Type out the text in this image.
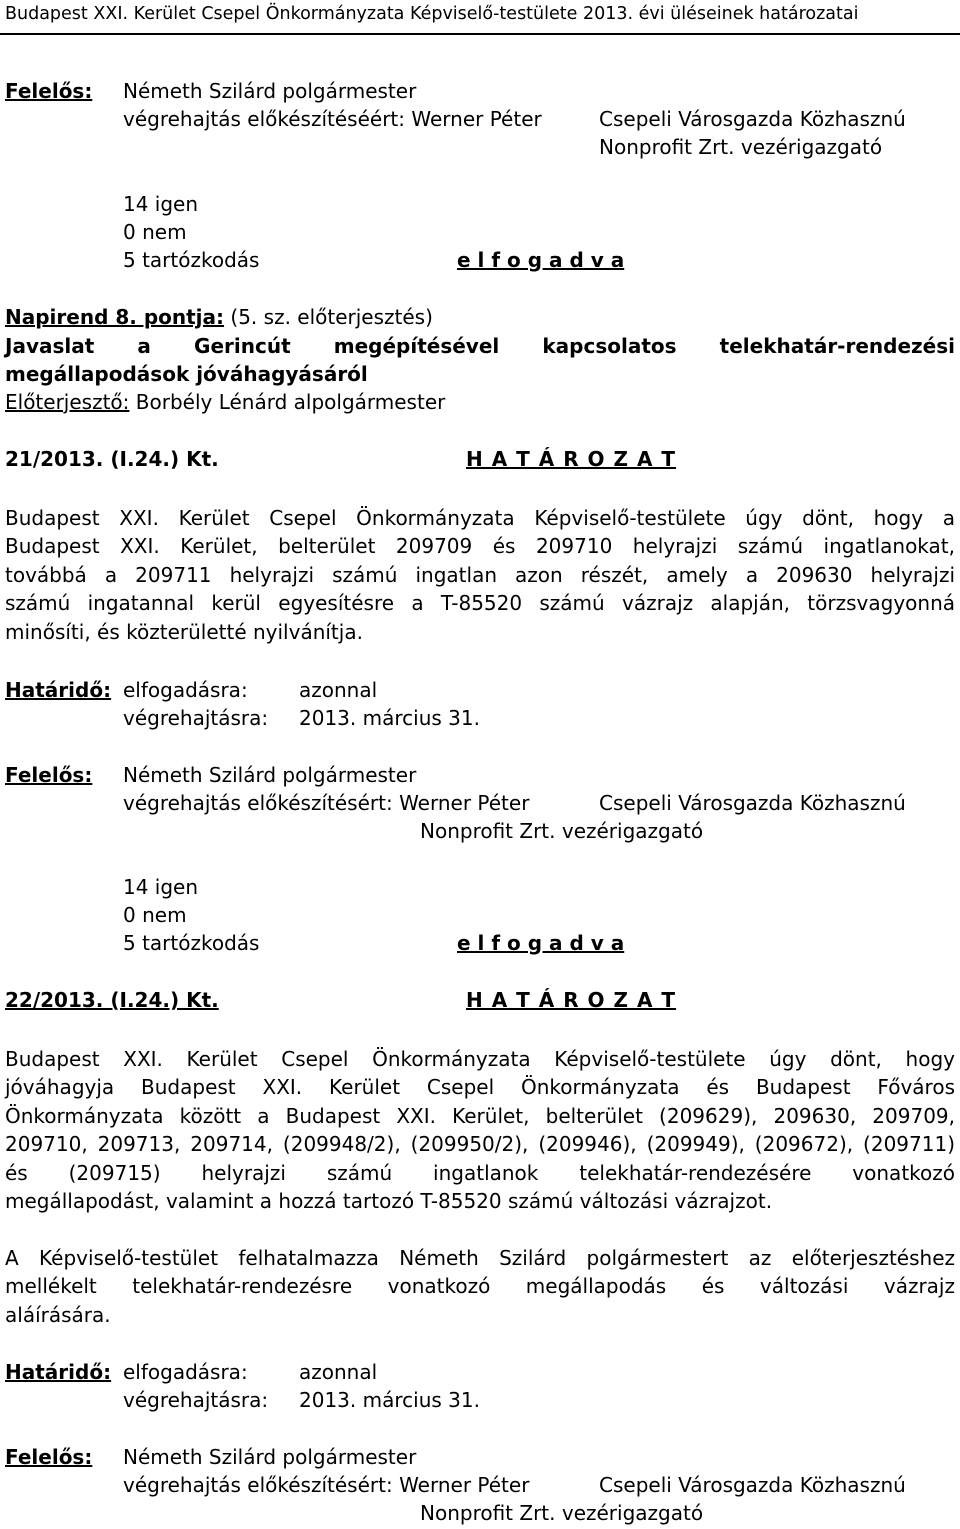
Budapest XXI. Kerület Csepel Önkormányzata Képviselő-testülete 2013. évi üléseinek határozatai
Felelős: Németh Szilárd polgármester
végrehajtás előkészítéséért: Werner Péter	Csepeli Városgazda Közhasznú
Nonprofit Zrt. vezérigazgató
14 igen
0 nem
5 tartózkodás	e l f o g a d v a
Napirend 8. pontja: (5. sz. előterjesztés)
Javaslat a Gerincút megépítésével kapcsolatos telekhatár-rendezési
megállapodások jóváhagyásáról
Előterjesztő: Borbély Lénárd alpolgármester
21/2013. (I.24.) Kt.	H A T Á R O Z A T
Budapest XXI. Kerület Csepel Önkormányzata Képviselő-testülete úgy dönt, hogy a
Budapest XXI. Kerület, belterület 209709 és 209710 helyrajzi számú ingatlanokat,
továbbá a 209711 helyrajzi számú ingatlan azon részét, amely a 209630 helyrajzi
számú ingatannal kerül egyesítésre a T-85520 számú vázrajz alapján, törzsvagyonná
minősíti, és közterületté nyilvánítja.
Határidő: elfogadásra:	azonnal
végrehajtásra: 2013. március 31.
Felelős: Németh Szilárd polgármester
végrehajtás előkészítésért: Werner Péter	Csepeli Városgazda Közhasznú
Nonprofit Zrt. vezérigazgató
14 igen
0 nem
5 tartózkodás	e l f o g a d v a
22/2013. (I.24.) Kt.	H A T Á R O Z A T
Budapest XXI. Kerület Csepel Önkormányzata Képviselő-testülete úgy dönt, hogy
jóváhagyja Budapest XXI. Kerület Csepel Önkormányzata és Budapest Főváros
Önkormányzata között a Budapest XXI. Kerület, belterület (209629), 209630, 209709,
209710, 209713, 209714, (209948/2), (209950/2), (209946), (209949), (209672), (209711)
és (209715) helyrajzi számú ingatlanok telekhatár-rendezésére vonatkozó
megállapodást, valamint a hozzá tartozó T-85520 számú változási vázrajzot.
A Képviselő-testület felhatalmazza Németh Szilárd polgármestert az előterjesztéshez
mellékelt telekhatár-rendezésre vonatkozó megállapodás és változási vázrajz
aláírására.
Határidő: elfogadásra:	azonnal
végrehajtásra: 2013. március 31.
Felelős: Németh Szilárd polgármester
végrehajtás előkészítésért: Werner Péter	Csepeli Városgazda Közhasznú
Nonprofit Zrt. vezérigazgató
